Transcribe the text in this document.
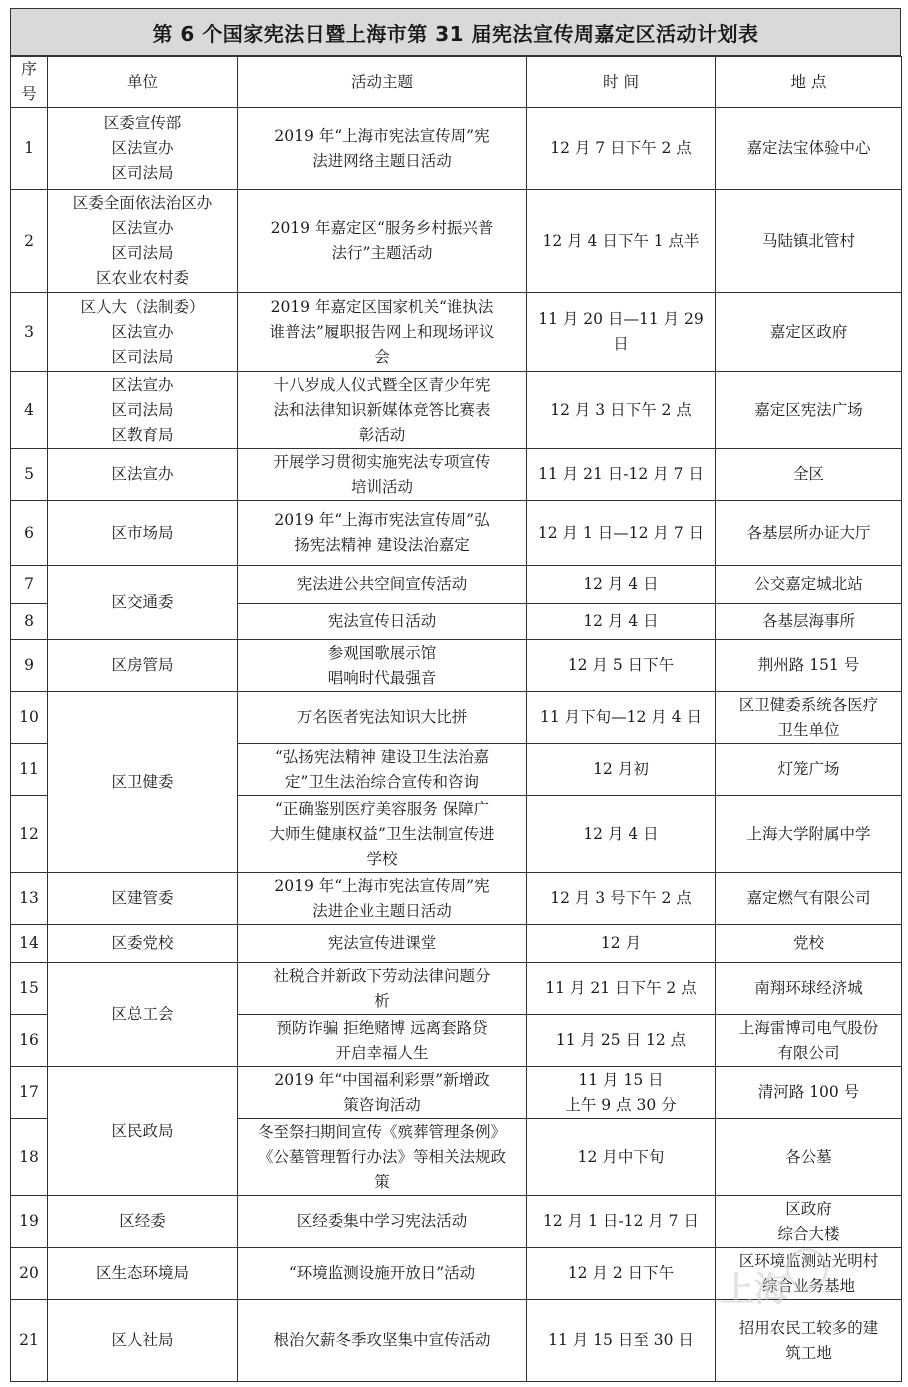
第 6 个国家宪法日暨上海市第 31 届宪法宣传周嘉定区活动计划表
序
号	单位	活动主题	时 间	地 点
1	区委宣传部
区法宣办
区司法局	2019 年“上海市宪法宣传周”宪
法进网络主题日活动	12 月 7 日下午 2 点	嘉定法宝体验中心

2	区委全面依法治区办
区法宣办
区司法局
区农业农村委	2019 年嘉定区“服务乡村振兴普
法行”主题活动	12 月 4 日下午 1 点半	马陆镇北管村

3	区人大（法制委）
区法宣办
区司法局	2019 年嘉定区国家机关“谁执法
谁普法”履职报告网上和现场评议
会	11 月 20 日—11 月 29
日	嘉定区政府

4	区法宣办
区司法局
区教育局	十八岁成人仪式暨全区青少年宪
法和法律知识新媒体竞答比赛表
彰活动	12 月 3 日下午 2 点	嘉定区宪法广场

5	区法宣办	开展学习贯彻实施宪法专项宣传
培训活动	11 月 21 日-12 月 7 日	全区

6	区市场局	2019 年“上海市宪法宣传周”弘
扬宪法精神 建设法治嘉定	12 月 1 日—12 月 7 日	各基层所办证大厅

7	区交通委	宪法进公共空间宣传活动	12 月 4 日	公交嘉定城北站

8		宪法宣传日活动	12 月 4 日	各基层海事所

9	区房管局	参观国歌展示馆
唱响时代最强音	12 月 5 日下午	荆州路 151 号

10	区卫健委	万名医者宪法知识大比拼	11 月下旬—12 月 4 日	区卫健委系统各医疗
卫生单位

11		“弘扬宪法精神 建设卫生法治嘉
定”卫生法治综合宣传和咨询	12 月初	灯笼广场

12		“正确鉴别医疗美容服务 保障广
大师生健康权益”卫生法制宣传进
学校	12 月 4 日	上海大学附属中学

13	区建管委	2019 年“上海市宪法宣传周”宪
法进企业主题日活动	12 月 3 号下午 2 点	嘉定燃气有限公司

14	区委党校	宪法宣传进课堂	12 月	党校

15	区总工会	社税合并新政下劳动法律问题分
析	11 月 21 日下午 2 点	南翔环球经济城

16		预防诈骗 拒绝赌博 远离套路贷
开启幸福人生	11 月 25 日 12 点	上海雷博司电气股份
有限公司

17	区民政局	2019 年“中国福利彩票”新增政
策咨询活动	11 月 15 日
上午 9 点 30 分	清河路 100 号

18		冬至祭扫期间宣传《殡葬管理条例》
《公墓管理暂行办法》等相关法规政
策	12 月中下旬	各公墓

19	区经委	区经委集中学习宪法活动	12 月 1 日-12 月 7 日	区政府
综合大楼

20	区生态环境局	“环境监测设施开放日”活动	12 月 2 日下午	区环境监测站光明村
综合业务基地

21	区人社局	根治欠薪冬季攻坚集中宣传活动	11 月 15 日至 30 日	招用农民工较多的建
筑工地
上海
